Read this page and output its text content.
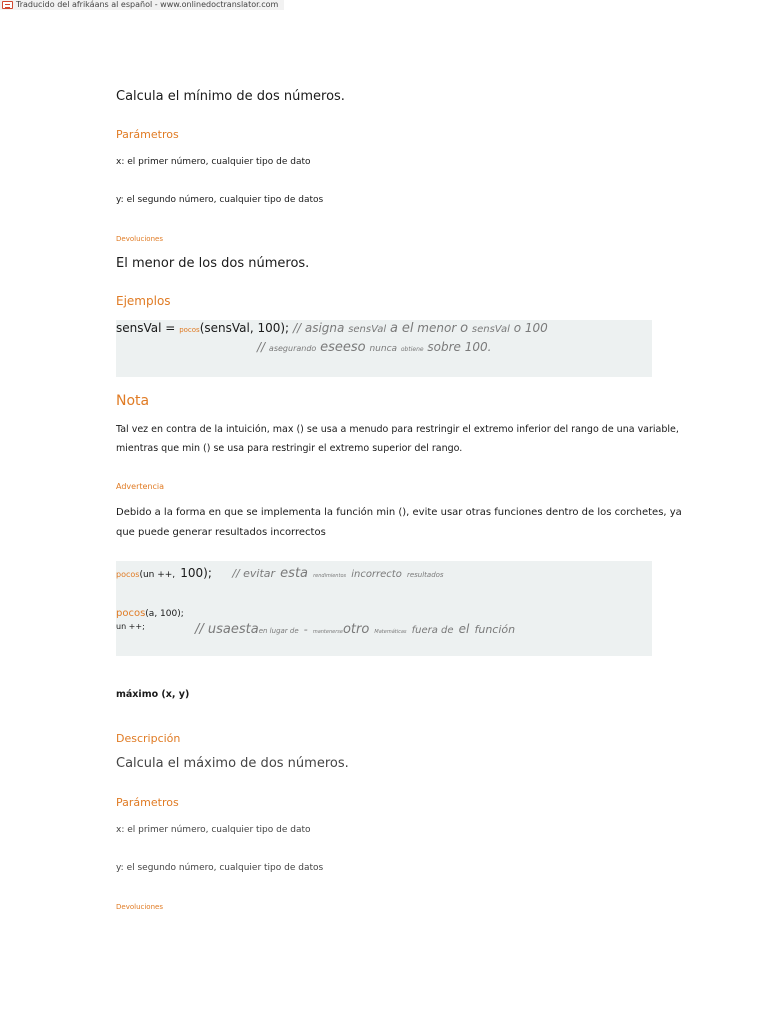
Traducido del afrikáans al español - www.onlinedoctranslator.com
Calcula el mínimo de dos números.
Parámetros
x: el primer número, cualquier tipo de dato
y: el segundo número, cualquier tipo de datos
Devoluciones
El menor de los dos números.
Ejemplos
sensVal = pocos(sensVal, 100); // asigna sensVal a el menor o sensVal o 100
// asegurando eseeso nunca obtiene sobre 100.
Nota
Tal vez en contra de la intuición, max () se usa a menudo para restringir el extremo inferior del rango de una variable,
mientras que min () se usa para restringir el extremo superior del rango.
Advertencia
Debido a la forma en que se implementa la función min (), evite usar otras funciones dentro de los corchetes, ya
que puede generar resultados incorrectos
pocos(un ++, 100); // evitar esta rendimientos incorrecto resultados
pocos(a, 100);
un ++;	// usaestaen lugar de - mantenerseotro Matemáticas fuera de el función
máximo (x, y)
Descripción
Calcula el máximo de dos números.
Parámetros
x: el primer número, cualquier tipo de dato
y: el segundo número, cualquier tipo de datos
Devoluciones
